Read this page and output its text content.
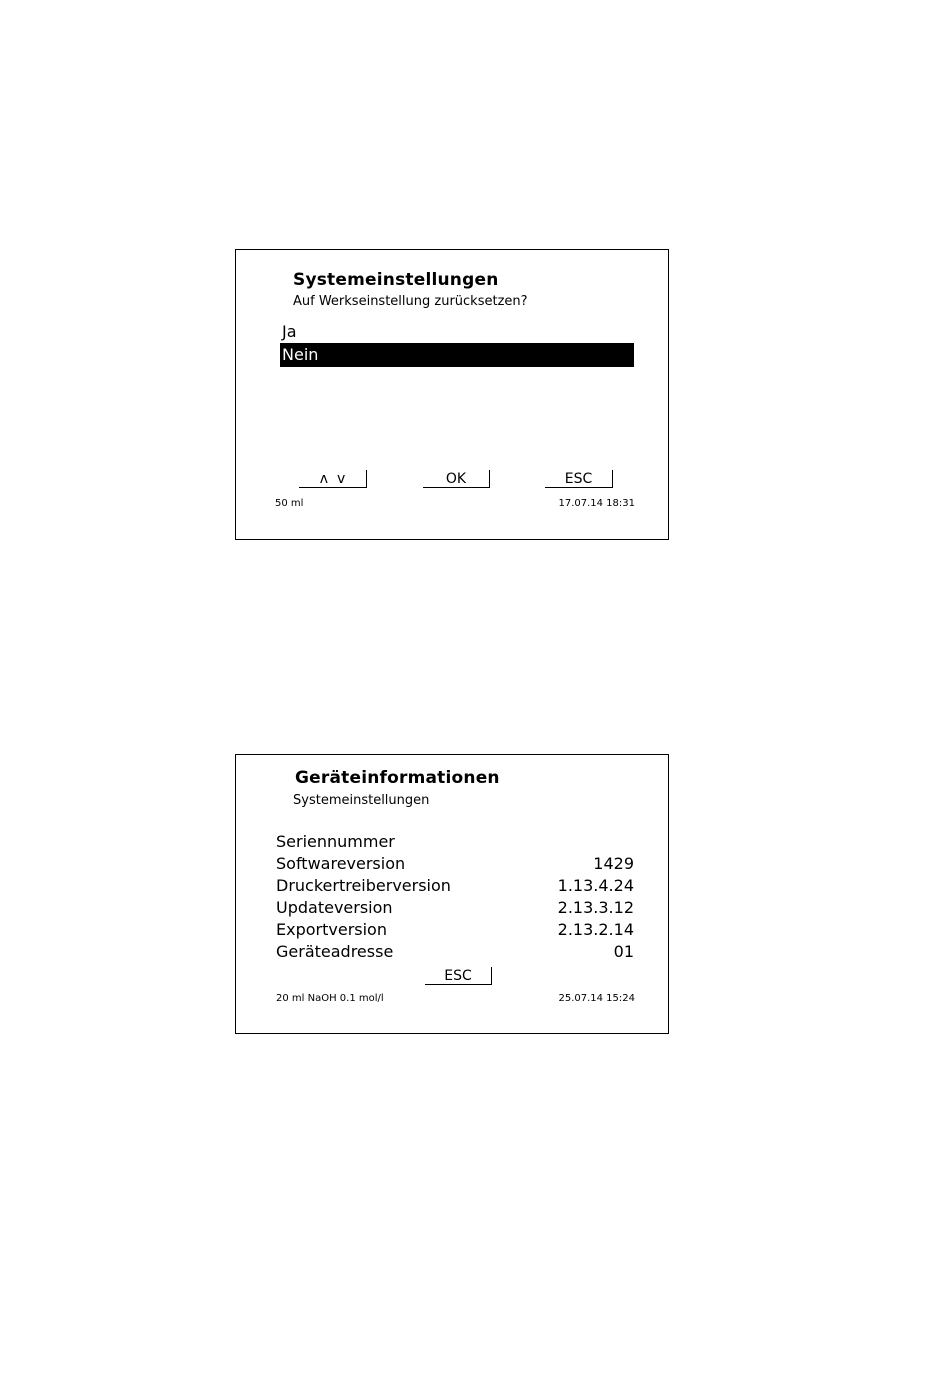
Systemeinstellungen
Auf Werkseinstellung zurücksetzen?
Ja
Nein
ʌ v	OK	ESC
50 ml	17.07.14 18:31
Geräteinformationen
Systemeinstellungen
Seriennummer
Softwareversion	1429
Druckertreiberversion	1.13.4.24
Updateversion	2.13.3.12
Exportversion	2.13.2.14
Geräteadresse	01
ESC
20 ml NaOH 0.1 mol/l	25.07.14 15:24
